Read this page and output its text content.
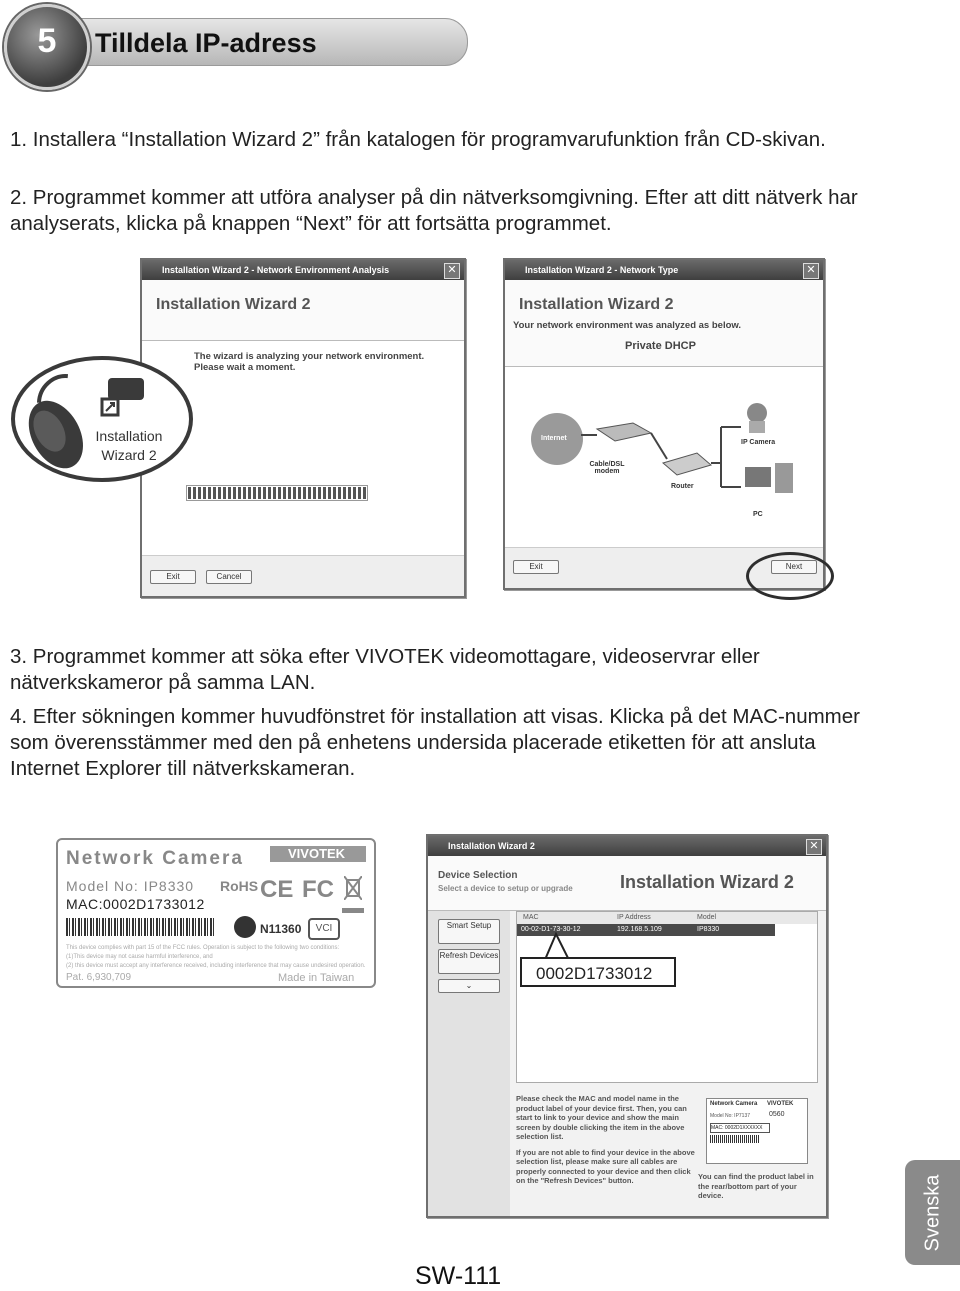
Tilldela IP-adress
5
1. Installera “Installation Wizard 2” från katalogen för programvarufunktion från CD-skivan.
2. Programmet kommer att utföra analyser på din nätverksomgivning. Efter att ditt nätverk har analyserats, klicka på knappen “Next” för att fortsätta programmet.
Installation Wizard 2 - Network Environment Analysis	✕
Installation Wizard 2
The wizard is analyzing your network environment.
Please wait a moment.
Exit	Cancel
Installation
Wizard 2
Installation Wizard 2 - Network Type	✕
Installation Wizard 2
Your network environment was analyzed as below.
Private DHCP
Internet
Cable/DSL modem
Router
IP Camera
PC
Exit	Next
3. Programmet kommer att söka efter VIVOTEK videomottagare, videoservrar eller nätverkskameror på samma LAN.
4. Efter sökningen kommer huvudfönstret för installation att visas. Klicka på det MAC-nummer som överensstämmer med den på enhetens undersida placerade etiketten för att ansluta Internet Explorer till nätverkskameran.
Network Camera	VIVOTEK
Model No: IP8330 RoHS CE FC
MAC:0002D1733012
N11360	VCI
This device complies with part 15 of the FCC rules. Operation is subject to the following two conditions:
(1)This device may not cause harmful interference, and
(2) this device must accept any interference received, including interference that may cause undesired operation.
Pat. 6,930,709	Made in Taiwan
Installation Wizard 2	✕
Device Selection
Select a device to setup or upgrade	Installation Wizard 2
Smart Setup
Refresh Devices
⌄
MAC	IP Address	Model
00-02-D1-73-30-12	192.168.5.109	IP8330
Please check the MAC and model name in the product label of your device first. Then, you can start to link to your device and show the main screen by double clicking the item in the above selection list.
If you are not able to find your device in the above selection list, please make sure all cables are properly connected to your device and then click on the "Refresh Devices" button.
Network Camera VIVOTEK
Model No: IP7137	0560
MAC: 0002D1XXXXXX
You can find the product label in the rear/bottom part of your device.
0002D1733012
SW-111
Svenska
